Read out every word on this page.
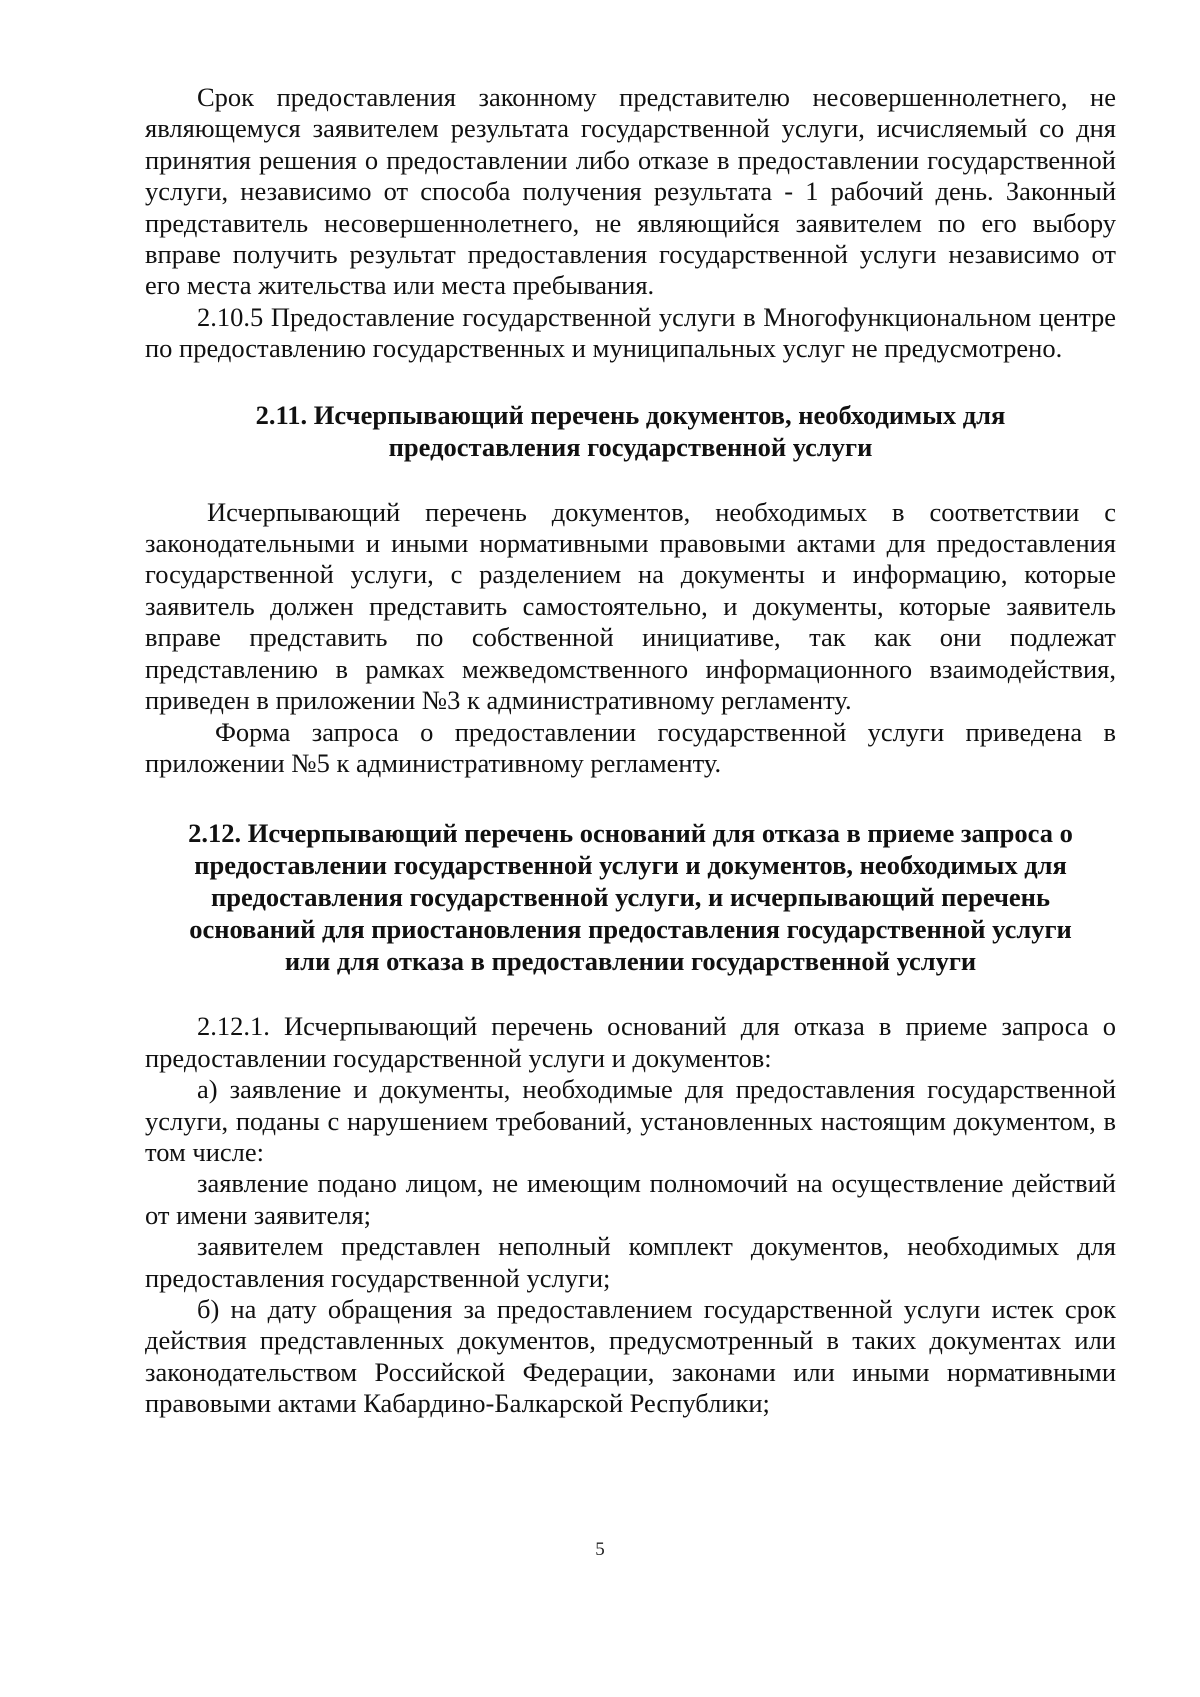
Срок предоставления законному представителю несовершеннолетнего, не являющемуся заявителем результата государственной услуги, исчисляемый со дня принятия решения о предоставлении либо отказе в предоставлении государственной услуги, независимо от способа получения результата - 1 рабочий день. Законный представитель несовершеннолетнего, не являющийся заявителем по его выбору вправе получить результат предоставления государственной услуги независимо от его места жительства или места пребывания.

2.10.5 Предоставление государственной услуги в Многофункциональном центре по предоставлению государственных и муниципальных услуг не предусмотрено.

2.11. Исчерпывающий перечень документов, необходимых для
предоставления государственной услуги

Исчерпывающий перечень документов, необходимых в соответствии с законодательными и иными нормативными правовыми актами для предоставления государственной услуги, с разделением на документы и информацию, которые заявитель должен представить самостоятельно, и документы, которые заявитель вправе представить по собственной инициативе, так как они подлежат представлению в рамках межведомственного информационного взаимодействия, приведен в приложении №3 к административному регламенту.

Форма запроса о предоставлении государственной услуги приведена в приложении №5 к административному регламенту.

2.12. Исчерпывающий перечень оснований для отказа в приеме запроса о
предоставлении государственной услуги и документов, необходимых для
предоставления государственной услуги, и исчерпывающий перечень
оснований для приостановления предоставления государственной услуги
или для отказа в предоставлении государственной услуги

2.12.1. Исчерпывающий перечень оснований для отказа в приеме запроса о предоставлении государственной услуги и документов:

а) заявление и документы, необходимые для предоставления государственной услуги, поданы с нарушением требований, установленных настоящим документом, в том числе:

заявление подано лицом, не имеющим полномочий на осуществление действий от имени заявителя;

заявителем представлен неполный комплект документов, необходимых для предоставления государственной услуги;

б) на дату обращения за предоставлением государственной услуги истек срок действия представленных документов, предусмотренный в таких документах или законодательством Российской Федерации, законами или иными нормативными правовыми актами Кабардино-Балкарской Республики;

5
